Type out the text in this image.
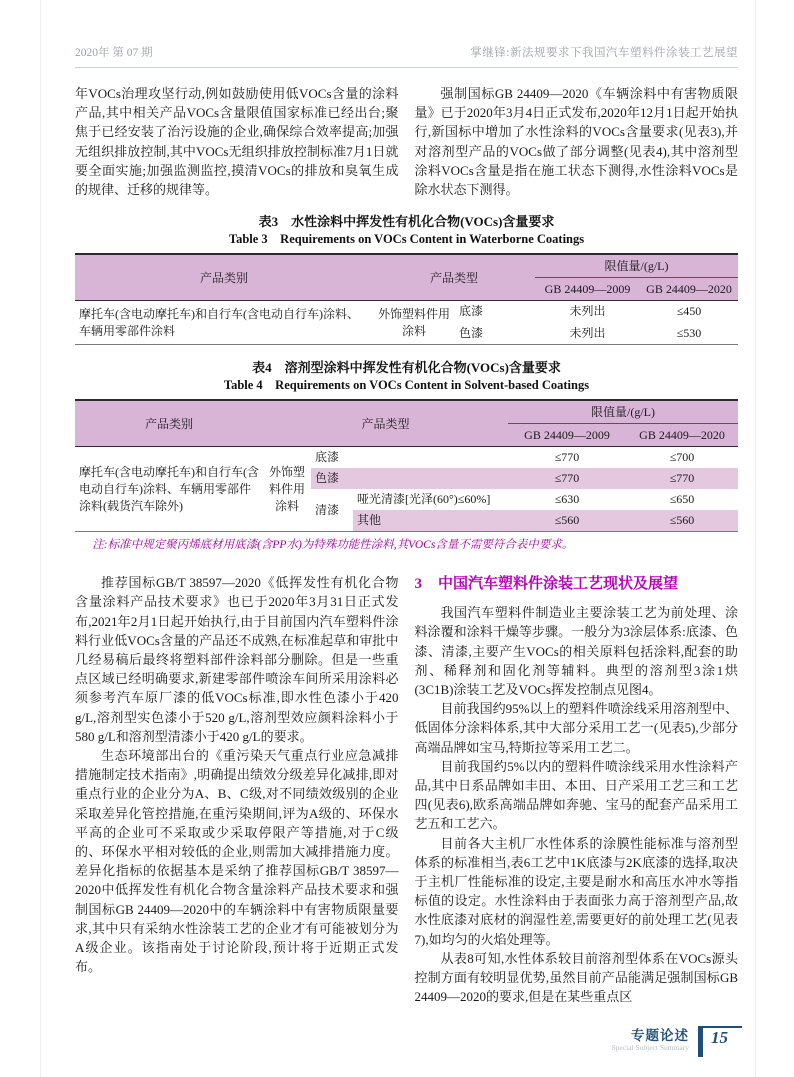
2020年 第 07 期	掌继锋:新法规要求下我国汽车塑料件涂装工艺展望

年VOCs治理攻坚行动,例如鼓励使用低VOCs含量的涂料产品,其中相关产品VOCs含量限值国家标准已经出台;聚焦于已经安装了治污设施的企业,确保综合效率提高;加强无组织排放控制,其中VOCs无组织排放控制标准7月1日就要全面实施;加强监测监控,摸清VOCs的排放和臭氧生成的规律、迁移的规律等。

强制国标GB 24409—2020《车辆涂料中有害物质限量》已于2020年3月4日正式发布,2020年12月1日起开始执行,新国标中增加了水性涂料的VOCs含量要求(见表3),并对溶剂型产品的VOCs做了部分调整(见表4),其中溶剂型涂料VOCs含量是指在施工状态下测得,水性涂料VOCs是除水状态下测得。

表3　水性涂料中挥发性有机化合物(VOCs)含量要求
Table 3　Requirements on VOCs Content in Waterborne Coatings
产品类别	产品类型		限值量/(g/L)	
			GB 24409—2009	GB 24409—2020
摩托车(含电动摩托车)和自行车(含电动自行车)涂料、车辆用零部件涂料	外饰塑料件用涂料	底漆	未列出	≤450
		色漆	未列出	≤530
表4　溶剂型涂料中挥发性有机化合物(VOCs)含量要求
Table 4　Requirements on VOCs Content in Solvent-based Coatings
产品类别	产品类型			限值量/(g/L)	
				GB 24409—2009	GB 24409—2020
摩托车(含电动摩托车)和自行车(含电动自行车)涂料、车辆用零部件涂料(载货汽车除外)	外饰塑料件用涂料	底漆		≤770	≤700
		色漆		≤770	≤770
		清漆	哑光清漆[光泽(60°)≤60%]	≤630	≤650
			其他	≤560	≤560
注:标准中规定聚丙烯底材用底漆(含PP水)为特殊功能性涂料,其VOCs含量不需要符合表中要求。

推荐国标GB/T 38597—2020《低挥发性有机化合物含量涂料产品技术要求》也已于2020年3月31日正式发布,2021年2月1日起开始执行,由于目前国内汽车塑料件涂料行业低VOCs含量的产品还不成熟,在标准起草和审批中几经易稿后最终将塑料部件涂料部分删除。但是一些重点区域已经明确要求,新建零部件喷涂车间所采用涂料必须参考汽车原厂漆的低VOCs标准,即水性色漆小于420 g/L,溶剂型实色漆小于520 g/L,溶剂型效应颜料涂料小于580 g/L和溶剂型清漆小于420 g/L的要求。

生态环境部出台的《重污染天气重点行业应急减排措施制定技术指南》,明确提出绩效分级差异化减排,即对重点行业的企业分为A、B、C级,对不同绩效级别的企业采取差异化管控措施,在重污染期间,评为A级的、环保水平高的企业可不采取或少采取停限产等措施,对于C级的、环保水平相对较低的企业,则需加大减排措施力度。差异化指标的依据基本是采纳了推荐国标GB/T 38597—2020中低挥发性有机化合物含量涂料产品技术要求和强制国标GB 24409—2020中的车辆涂料中有害物质限量要求,其中只有采纳水性涂装工艺的企业才有可能被划分为A级企业。该指南处于讨论阶段,预计将于近期正式发布。

3 中国汽车塑料件涂装工艺现状及展望

我国汽车塑料件制造业主要涂装工艺为前处理、涂料涂覆和涂料干燥等步骤。一般分为3涂层体系:底漆、色漆、清漆,主要产生VOCs的相关原料包括涂料,配套的助剂、稀释剂和固化剂等辅料。典型的溶剂型3涂1烘(3C1B)涂装工艺及VOCs挥发控制点见图4。

目前我国约95%以上的塑料件喷涂线采用溶剂型中、低固体分涂料体系,其中大部分采用工艺一(见表5),少部分高端品牌如宝马,特斯拉等采用工艺二。

目前我国约5%以内的塑料件喷涂线采用水性涂料产品,其中日系品牌如丰田、本田、日产采用工艺三和工艺四(见表6),欧系高端品牌如奔驰、宝马的配套产品采用工艺五和工艺六。

目前各大主机厂水性体系的涂膜性能标准与溶剂型体系的标准相当,表6工艺中1K底漆与2K底漆的选择,取决于主机厂性能标准的设定,主要是耐水和高压水冲水等指标值的设定。水性涂料由于表面张力高于溶剂型产品,故水性底漆对底材的润湿性差,需要更好的前处理工艺(见表7),如均匀的火焰处理等。

从表8可知,水性体系较目前溶剂型体系在VOCs源头控制方面有较明显优势,虽然目前产品能满足强制国标GB 24409—2020的要求,但是在某些重点区

专题论述
Special Subject Summary
15
